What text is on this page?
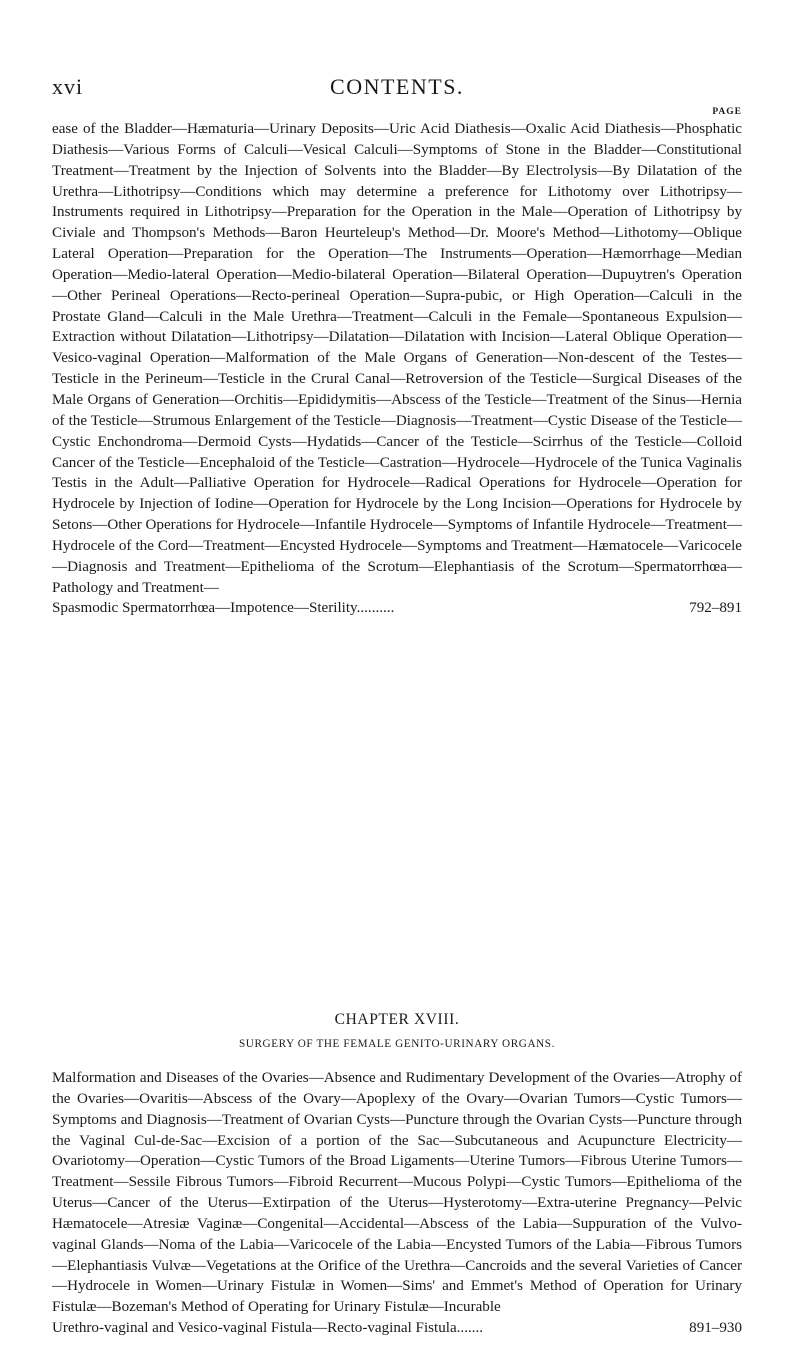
xvi	CONTENTS.
PAGE
ease of the Bladder—Hæmaturia—Urinary Deposits—Uric Acid Diathesis—Oxalic Acid Diathesis—Phosphatic Diathesis—Various Forms of Calculi—Vesical Calculi—Symptoms of Stone in the Bladder—Constitutional Treatment—Treatment by the Injection of Solvents into the Bladder—By Electrolysis—By Dilatation of the Urethra—Lithotripsy—Conditions which may determine a preference for Lithotomy over Lithotripsy—Instruments required in Lithotripsy—Preparation for the Operation in the Male—Operation of Lithotripsy by Civiale and Thompson's Methods—Baron Heurteleup's Method—Dr. Moore's Method—Lithotomy—Oblique Lateral Operation—Preparation for the Operation—The Instruments—Operation—Hæmorrhage—Median Operation—Medio-lateral Operation—Medio-bilateral Operation—Bilateral Operation—Dupuytren's Operation—Other Perineal Operations—Recto-perineal Operation—Supra-pubic, or High Operation—Calculi in the Prostate Gland—Calculi in the Male Urethra—Treatment—Calculi in the Female—Spontaneous Expulsion—Extraction without Dilatation—Lithotripsy—Dilatation—Dilatation with Incision—Lateral Oblique Operation—Vesico-vaginal Operation—Malformation of the Male Organs of Generation—Non-descent of the Testes—Testicle in the Perineum—Testicle in the Crural Canal—Retroversion of the Testicle—Surgical Diseases of the Male Organs of Generation—Orchitis—Epididymitis—Abscess of the Testicle—Treatment of the Sinus—Hernia of the Testicle—Strumous Enlargement of the Testicle—Diagnosis—Treatment—Cystic Disease of the Testicle—Cystic Enchondroma—Dermoid Cysts—Hydatids—Cancer of the Testicle—Scirrhus of the Testicle—Colloid Cancer of the Testicle—Encephaloid of the Testicle—Castration—Hydrocele—Hydrocele of the Tunica Vaginalis Testis in the Adult—Palliative Operation for Hydrocele—Radical Operations for Hydrocele—Operation for Hydrocele by Injection of Iodine—Operation for Hydrocele by the Long Incision—Operations for Hydrocele by Setons—Other Operations for Hydrocele—Infantile Hydrocele—Symptoms of Infantile Hydrocele—Treatment—Hydrocele of the Cord—Treatment—Encysted Hydrocele—Symptoms and Treatment—Hæmatocele—Varicocele—Diagnosis and Treatment—Epithelioma of the Scrotum—Elephantiasis of the Scrotum—Spermatorrhœa—Pathology and Treatment—
Spasmodic Spermatorrhœa—Impotence—Sterility..........	792–891
CHAPTER XVIII.
SURGERY OF THE FEMALE GENITO-URINARY ORGANS.
Malformation and Diseases of the Ovaries—Absence and Rudimentary Development of the Ovaries—Atrophy of the Ovaries—Ovaritis—Abscess of the Ovary—Apoplexy of the Ovary—Ovarian Tumors—Cystic Tumors—Symptoms and Diagnosis—Treatment of Ovarian Cysts—Puncture through the Ovarian Cysts—Puncture through the Vaginal Cul-de-Sac—Excision of a portion of the Sac—Subcutaneous and Acupuncture Electricity—Ovariotomy—Operation—Cystic Tumors of the Broad Ligaments—Uterine Tumors—Fibrous Uterine Tumors—Treatment—Sessile Fibrous Tumors—Fibroid Recurrent—Mucous Polypi—Cystic Tumors—Epithelioma of the Uterus—Cancer of the Uterus—Extirpation of the Uterus—Hysterotomy—Extra-uterine Pregnancy—Pelvic Hæmatocele—Atresiæ Vaginæ—Congenital—Accidental—Abscess of the Labia—Suppuration of the Vulvo-vaginal Glands—Noma of the Labia—Varicocele of the Labia—Encysted Tumors of the Labia—Fibrous Tumors—Elephantiasis Vulvæ—Vegetations at the Orifice of the Urethra—Cancroids and the several Varieties of Cancer—Hydrocele in Women—Urinary Fistulæ in Women—Sims' and Emmet's Method of Operation for Urinary Fistulæ—Bozeman's Method of Operating for Urinary Fistulæ—Incurable
Urethro-vaginal and Vesico-vaginal Fistula—Recto-vaginal Fistula.......	891–930
